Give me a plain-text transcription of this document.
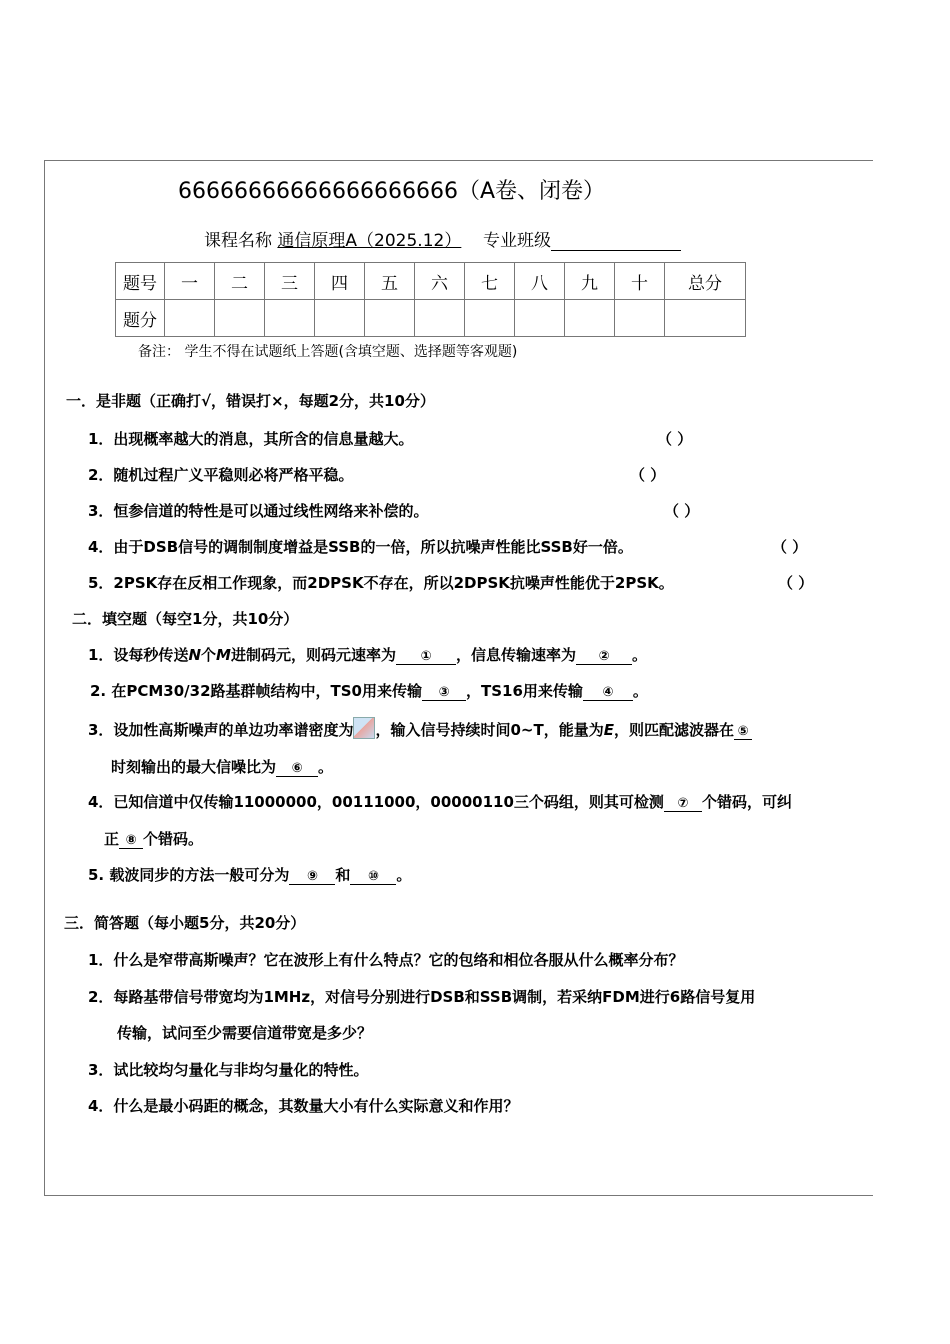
66666666666666666666（A卷、闭卷）
课程名称 通信原理A（2025.12） 专业班级
题号	一	二	三	四	五	六	七	八	九	十	总分
题分											
备注： 学生不得在试题纸上答题(含填空题、选择题等客观题)
一．是非题（正确打√，错误打×，每题2分，共10分）
1．出现概率越大的消息，其所含的信息量越大。	（ ）
2．随机过程广义平稳则必将严格平稳。	（ ）
3．恒参信道的特性是可以通过线性网络来补偿的。	（ ）
4．由于DSB信号的调制制度增益是SSB的一倍，所以抗噪声性能比SSB好一倍。	（ ）
5．2PSK存在反相工作现象，而2DPSK不存在，所以2DPSK抗噪声性能优于2PSK。	（ ）
二．填空题（每空1分，共10分）
1．设每秒传送N个M进制码元，则码元速率为 ① ，信息传输速率为 ② 。
2. 在PCM30/32路基群帧结构中，TS0用来传输 ③ ，TS16用来传输 ④ 。
3．设加性高斯噪声的单边功率谱密度为 ，输入信号持续时间0~T，能量为E，则匹配滤波器在 ⑤
时刻输出的最大信噪比为 ⑥ 。
4．已知信道中仅传输11000000，00111000，00000110三个码组，则其可检测 ⑦ 个错码，可纠
正 ⑧ 个错码。
5. 载波同步的方法一般可分为 ⑨ 和 ⑩ 。
三．简答题（每小题5分，共20分）
1．什么是窄带高斯噪声？它在波形上有什么特点？它的包络和相位各服从什么概率分布？
2．每路基带信号带宽均为1MHz，对信号分别进行DSB和SSB调制，若采纳FDM进行6路信号复用
传输，试问至少需要信道带宽是多少？
3．试比较均匀量化与非均匀量化的特性。
4．什么是最小码距的概念，其数量大小有什么实际意义和作用？
